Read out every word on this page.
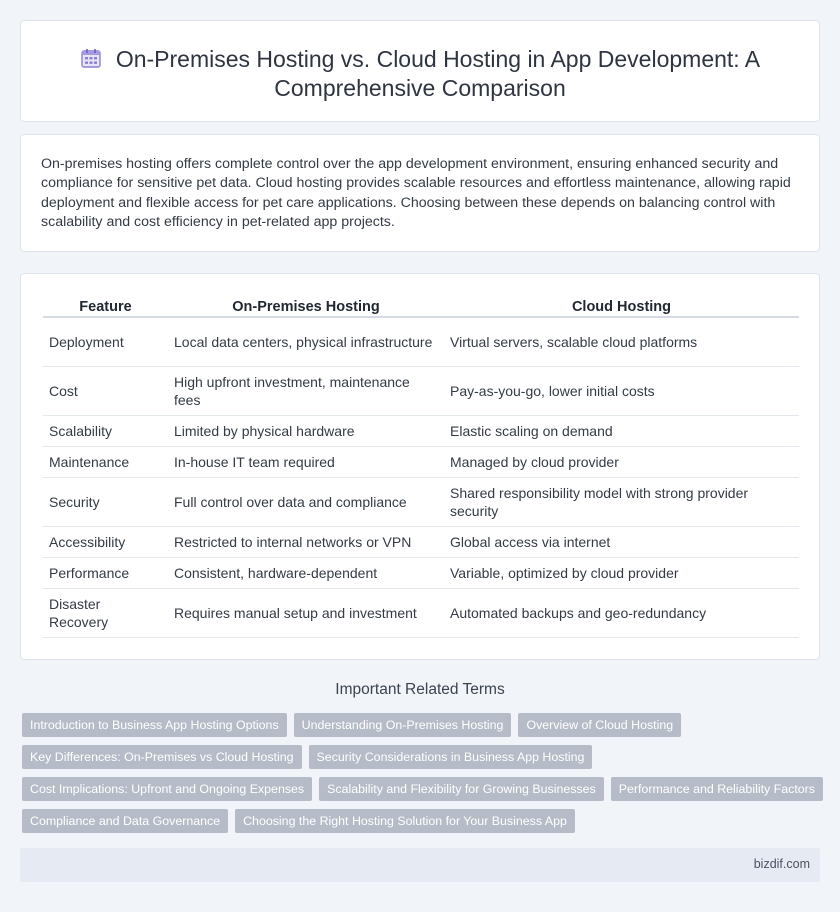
On-Premises Hosting vs. Cloud Hosting in App Development: A Comprehensive Comparison

On-premises hosting offers complete control over the app development environment, ensuring enhanced security and compliance for sensitive pet data. Cloud hosting provides scalable resources and effortless maintenance, allowing rapid deployment and flexible access for pet care applications. Choosing between these depends on balancing control with scalability and cost efficiency in pet-related app projects.

Feature	On-Premises Hosting	Cloud Hosting
Deployment	Local data centers, physical infrastructure	Virtual servers, scalable cloud platforms
Cost	High upfront investment, maintenance fees	Pay-as-you-go, lower initial costs
Scalability	Limited by physical hardware	Elastic scaling on demand
Maintenance	In-house IT team required	Managed by cloud provider
Security	Full control over data and compliance	Shared responsibility model with strong provider security
Accessibility	Restricted to internal networks or VPN	Global access via internet
Performance	Consistent, hardware-dependent	Variable, optimized by cloud provider
Disaster Recovery	Requires manual setup and investment	Automated backups and geo-redundancy
Important Related Terms
Introduction to Business App Hosting Options	Understanding On-Premises Hosting	Overview of Cloud Hosting
Key Differences: On-Premises vs Cloud Hosting	Security Considerations in Business App Hosting
Cost Implications: Upfront and Ongoing Expenses	Scalability and Flexibility for Growing Businesses	Performance and Reliability Factors
Compliance and Data Governance	Choosing the Right Hosting Solution for Your Business App
bizdif.com
